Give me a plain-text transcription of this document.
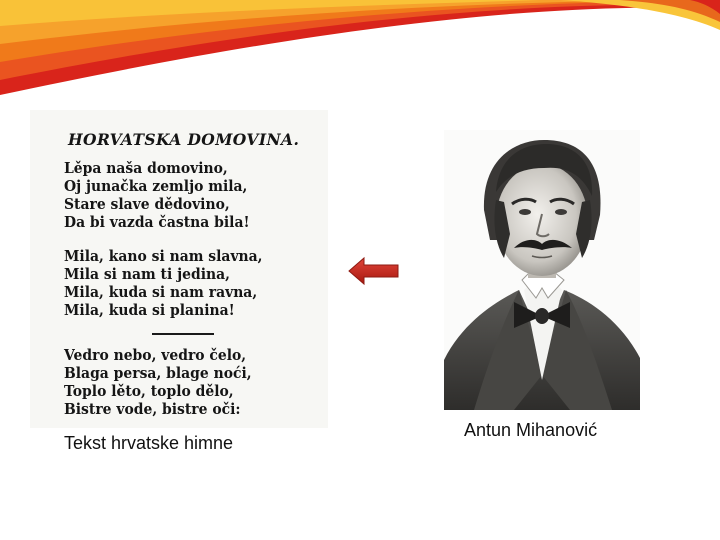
HORVATSKA DOMOVINA.
Lěpa naša domovino,
Oj junačka zemljo mila,
Stare slave dědovino,
Da bi vazda častna bila!
Mila, kano si nam slavna,
Mila si nam ti jedina,
Mila, kuda si nam ravna,
Mila, kuda si planina!
Vedro nebo, vedro čelo,
Blaga persa, blage noći,
Toplo lěto, toplo dělo,
Bistre vode, bistre oči:
Tekst hrvatske himne
Antun Mihanović
